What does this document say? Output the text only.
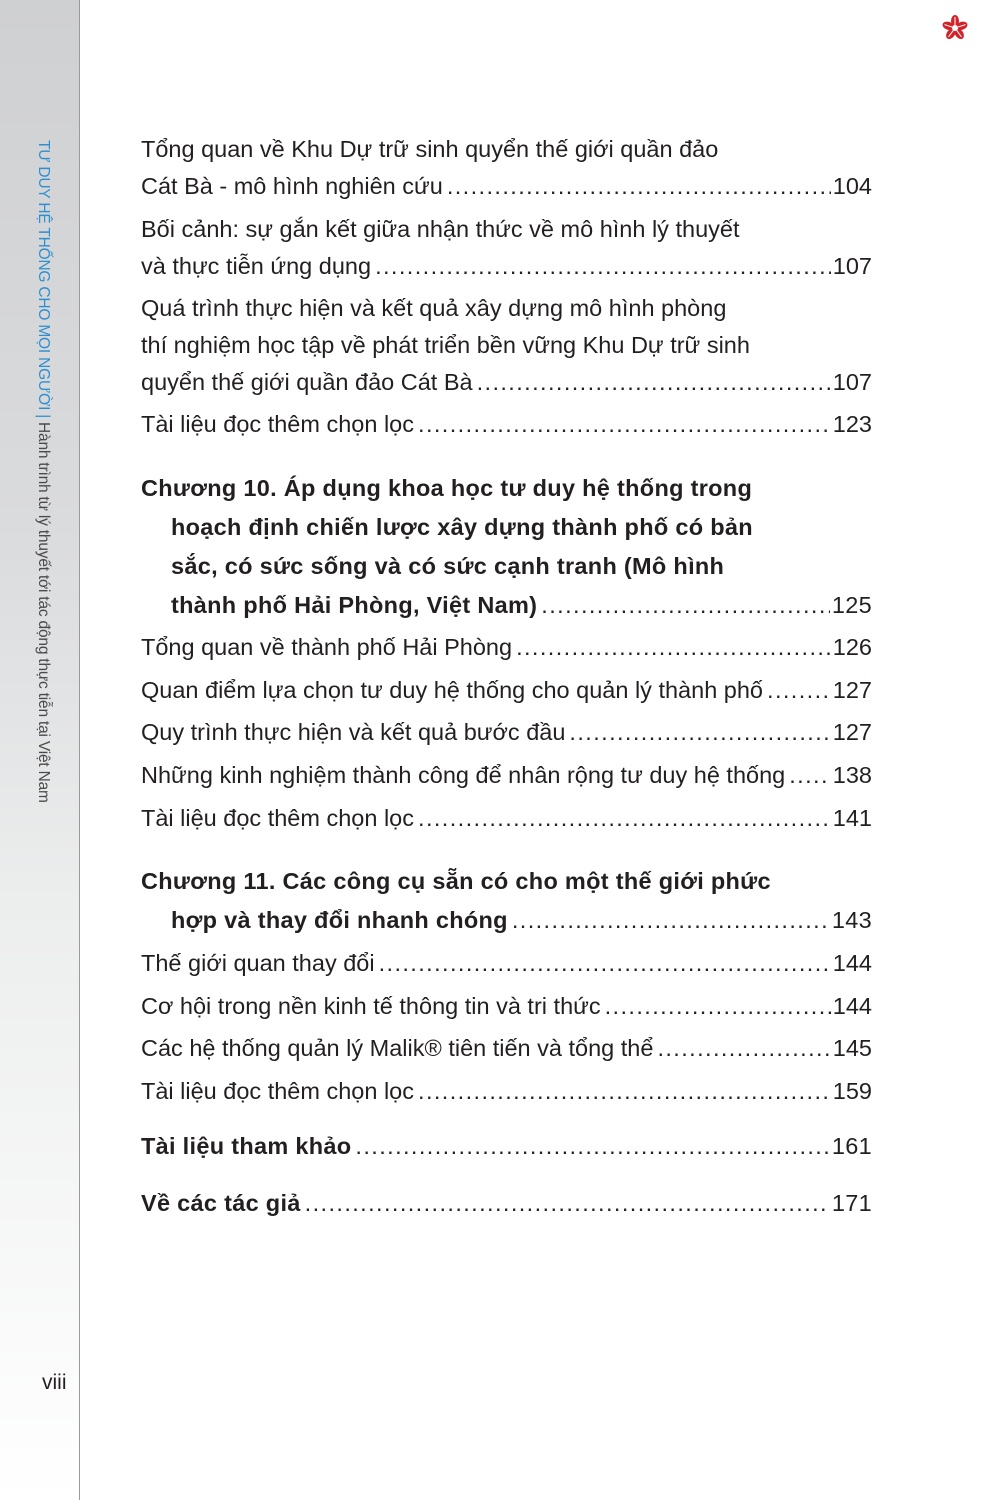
TƯ DUY HỆ THỐNG CHO MỌI NGƯỜI|Hành trình từ lý thuyết tới tác động thực tiễn tại Việt Nam
Tổng quan về Khu Dự trữ sinh quyển thế giới quần đảo
Cát Bà - mô hình nghiên cứu .....	104
Bối cảnh: sự gắn kết giữa nhận thức về mô hình lý thuyết
và thực tiễn ứng dụng .....	107
Quá trình thực hiện và kết quả xây dựng mô hình phòng
thí nghiệm học tập về phát triển bền vững Khu Dự trữ sinh
quyển thế giới quần đảo Cát Bà .....	107
Tài liệu đọc thêm chọn lọc .....	123
Chương 10. Áp dụng khoa học tư duy hệ thống trong
hoạch định chiến lược xây dựng thành phố có bản
sắc, có sức sống và có sức cạnh tranh (Mô hình
thành phố Hải Phòng, Việt Nam) .....	125
Tổng quan về thành phố Hải Phòng .....	126
Quan điểm lựa chọn tư duy hệ thống cho quản lý thành phố .....	127
Quy trình thực hiện và kết quả bước đầu .....	127
Những kinh nghiệm thành công để nhân rộng tư duy hệ thống ..... 138
Tài liệu đọc thêm chọn lọc .....	141
Chương 11. Các công cụ sẵn có cho một thế giới phức
hợp và thay đổi nhanh chóng .....	143
Thế giới quan thay đổi .....	144
Cơ hội trong nền kinh tế thông tin và tri thức .....	144
Các hệ thống quản lý Malik® tiên tiến và tổng thể .....	145
Tài liệu đọc thêm chọn lọc .....	159
Tài liệu tham khảo .....	161
Về các tác giả .....	171
viii
